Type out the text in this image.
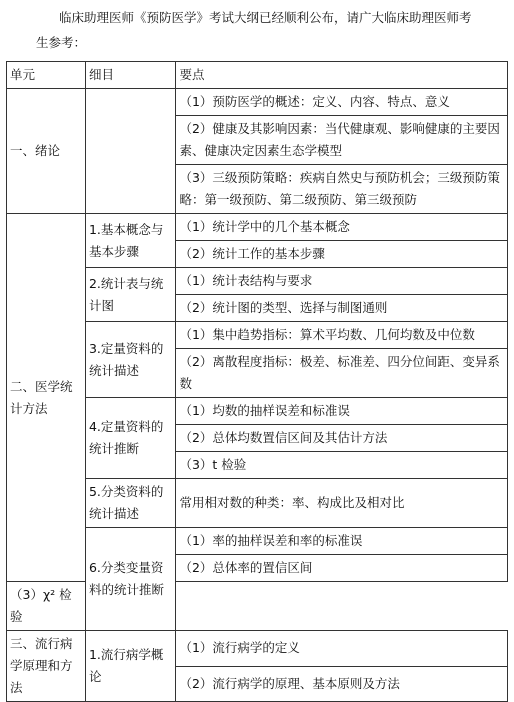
临床助理医师《预防医学》考试大纲已经顺利公布，请广大临床助理医师考
生参考：
单元	细目	要点
一、绪论		（1）预防医学的概述：定义、内容、特点、意义
		（2）健康及其影响因素：当代健康观、影响健康的主要因素、健康决定因素生态学模型
		（3）三级预防策略：疾病自然史与预防机会；三级预防策略：第一级预防、第二级预防、第三级预防
二、医学统计方法	1.基本概念与基本步骤	（1）统计学中的几个基本概念
		（2）统计工作的基本步骤
	2.统计表与统计图	（1）统计表结构与要求
		（2）统计图的类型、选择与制图通则
	3.定量资料的统计描述	（1）集中趋势指标：算术平均数、几何均数及中位数
		（2）离散程度指标：极差、标准差、四分位间距、变异系数
	4.定量资料的统计推断	（1）均数的抽样误差和标准误
		（2）总体均数置信区间及其估计方法
		（3）t 检验
	5.分类资料的统计描述	常用相对数的种类：率、构成比及相对比
	6.分类变量资料的统计推断	（1）率的抽样误差和率的标准误
		（2）总体率的置信区间
（3）χ² 检验		
三、流行病学原理和方法	1.流行病学概论	（1）流行病学的定义
		（2）流行病学的原理、基本原则及方法
